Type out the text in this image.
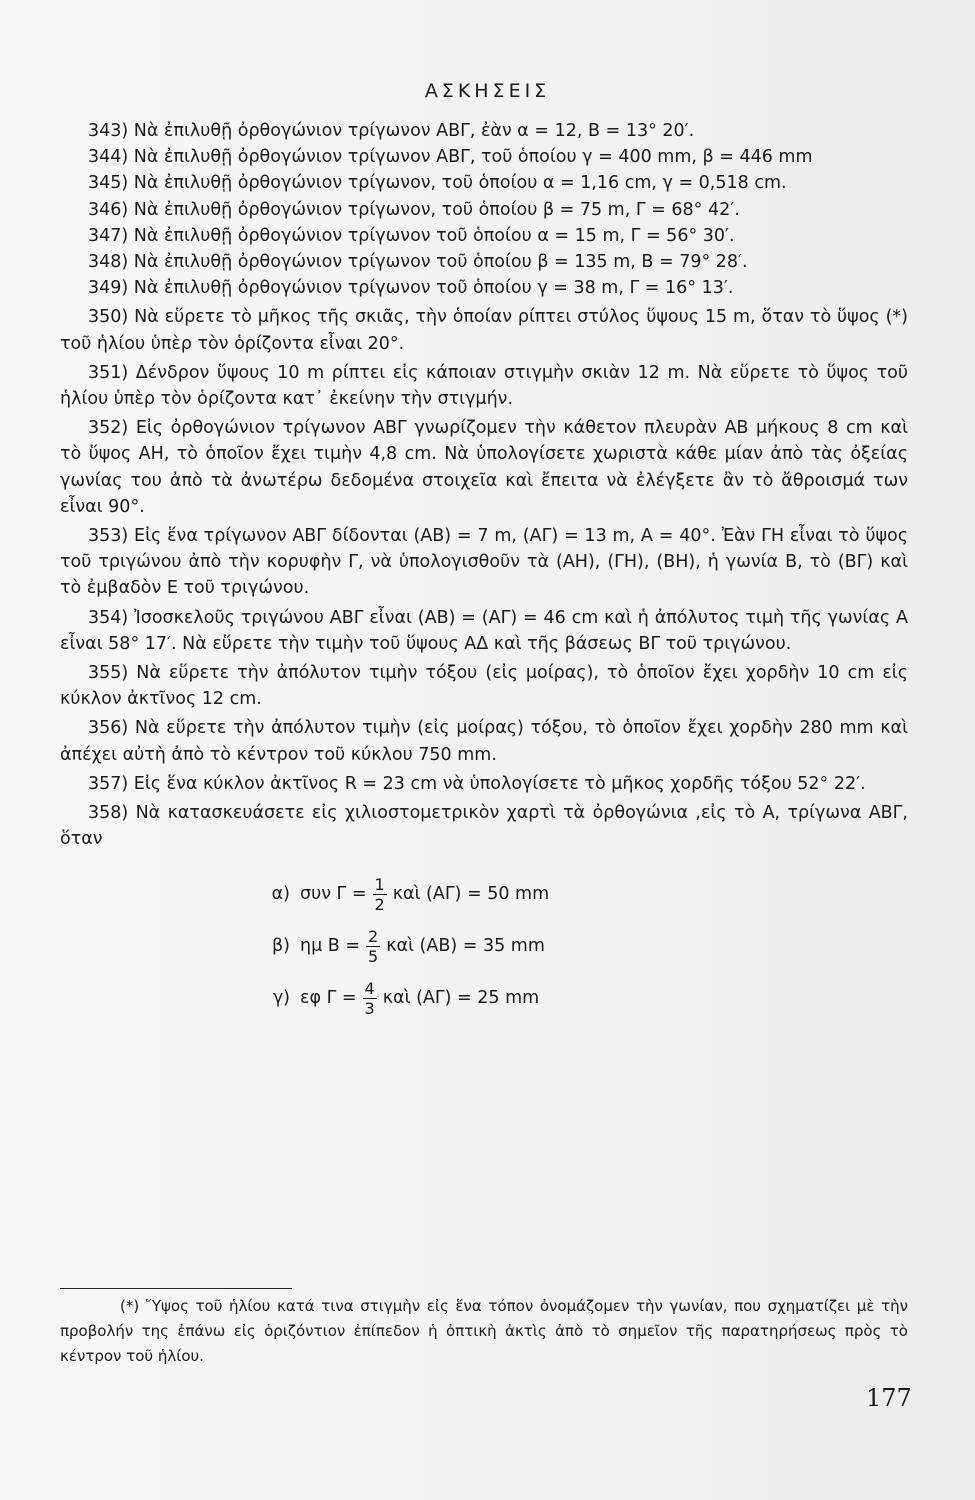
ΑΣΚΗΣΕΙΣ

343) Νὰ ἐπιλυθῇ ὀρθογώνιον τρίγωνον ΑΒΓ, ἐὰν α = 12, Β = 13° 20′.

344) Νὰ ἐπιλυθῇ ὀρθογώνιον τρίγωνον ΑΒΓ, τοῦ ὁποίου γ = 400 mm, β = 446 mm

345) Νὰ ἐπιλυθῇ ὀρθογώνιον τρίγωνον, τοῦ ὁποίου α = 1,16 cm, γ = 0,518 cm.

346) Νὰ ἐπιλυθῇ ὀρθογώνιον τρίγωνον, τοῦ ὁποίου β = 75 m, Γ = 68° 42′.

347) Νὰ ἐπιλυθῇ ὀρθογώνιον τρίγωνον τοῦ ὁποίου α = 15 m, Γ = 56° 30′.

348) Νὰ ἐπιλυθῇ ὀρθογώνιον τρίγωνον τοῦ ὁποίου β = 135 m, Β = 79° 28′.

349) Νὰ ἐπιλυθῇ ὀρθογώνιον τρίγωνον τοῦ ὁποίου γ = 38 m, Γ = 16° 13′.

350) Νὰ εὕρετε τὸ μῆκος τῆς σκιᾶς, τὴν ὁποίαν ρίπτει στύλος ὕψους 15 m, ὅταν τὸ ὕψος (*) τοῦ ἡλίου ὑπὲρ τὸν ὁρίζοντα εἶναι 20°.

351) Δένδρον ὕψους 10 m ρίπτει εἰς κάποιαν στιγμὴν σκιὰν 12 m. Νὰ εὕρετε τὸ ὕψος τοῦ ἡλίου ὑπὲρ τὸν ὁρίζοντα κατ᾿ ἐκείνην τὴν στιγμήν.

352) Εἰς ὀρθογώνιον τρίγωνον ΑΒΓ γνωρίζομεν τὴν κάθετον πλευρὰν ΑΒ μήκους 8 cm καὶ τὸ ὕψος ΑΗ, τὸ ὁποῖον ἔχει τιμὴν 4,8 cm. Νὰ ὑπολογίσετε χωριστὰ κάθε μίαν ἀπὸ τὰς ὀξείας γωνίας του ἀπὸ τὰ ἀνωτέρω δεδομένα στοιχεῖα καὶ ἔπειτα νὰ ἐλέγξετε ἂν τὸ ἄθροισμά των εἶναι 90°.

353) Εἰς ἕνα τρίγωνον ΑΒΓ δίδονται (ΑΒ) = 7 m, (ΑΓ) = 13 m, Α = 40°. Ἐὰν ΓΗ εἶναι τὸ ὕψος τοῦ τριγώνου ἀπὸ τὴν κορυφὴν Γ, νὰ ὑπολογισθοῦν τὰ (ΑΗ), (ΓΗ), (ΒΗ), ἡ γωνία Β, τὸ (ΒΓ) καὶ τὸ ἐμβαδὸν Ε τοῦ τριγώνου.

354) Ἰσοσκελοῦς τριγώνου ΑΒΓ εἶναι (ΑΒ) = (ΑΓ) = 46 cm καὶ ἡ ἀπόλυτος τιμὴ τῆς γωνίας Α εἶναι 58° 17′. Νὰ εὕρετε τὴν τιμὴν τοῦ ὕψους ΑΔ καὶ τῆς βάσεως ΒΓ τοῦ τριγώνου.

355) Νὰ εὕρετε τὴν ἀπόλυτον τιμὴν τόξου (εἰς μοίρας), τὸ ὁποῖον ἔχει χορδὴν 10 cm εἰς κύκλον ἀκτῖνος 12 cm.

356) Νὰ εὕρετε τὴν ἀπόλυτον τιμὴν (εἰς μοίρας) τόξου, τὸ ὁποῖον ἔχει χορδὴν 280 mm καὶ ἀπέχει αὐτὴ ἀπὸ τὸ κέντρον τοῦ κύκλου 750 mm.

357) Εἰς ἕνα κύκλον ἀκτῖνος R = 23 cm νὰ ὑπολογίσετε τὸ μῆκος χορδῆς τόξου 52° 22′.

358) Νὰ κατασκευάσετε εἰς χιλιοστομετρικὸν χαρτὶ τὰ ὀρθογώνια ,εἰς τὸ Α, τρίγωνα ΑΒΓ, ὅταν

α) συν $\Gamma = \frac{1}{2}$ καὶ (ΑΓ) = 50 mm
β) ημ $B = \frac{2}{5}$ καὶ (ΑΒ) = 35 mm
γ) εφ $\Gamma = \frac{4}{3}$ καὶ (ΑΓ) = 25 mm
(*) Ὕψος τοῦ ἡλίου κατά τινα στιγμὴν εἰς ἕνα τόπον ὀνομάζομεν τὴν γωνίαν, που σχηματίζει μὲ τὴν προβολήν της ἐπάνω εἰς ὁριζόντιον ἐπίπεδον ἡ ὀπτικὴ ἀκτὶς ἀπὸ τὸ σημεῖον τῆς παρατηρήσεως πρὸς τὸ κέντρον τοῦ ἡλίου.
177
